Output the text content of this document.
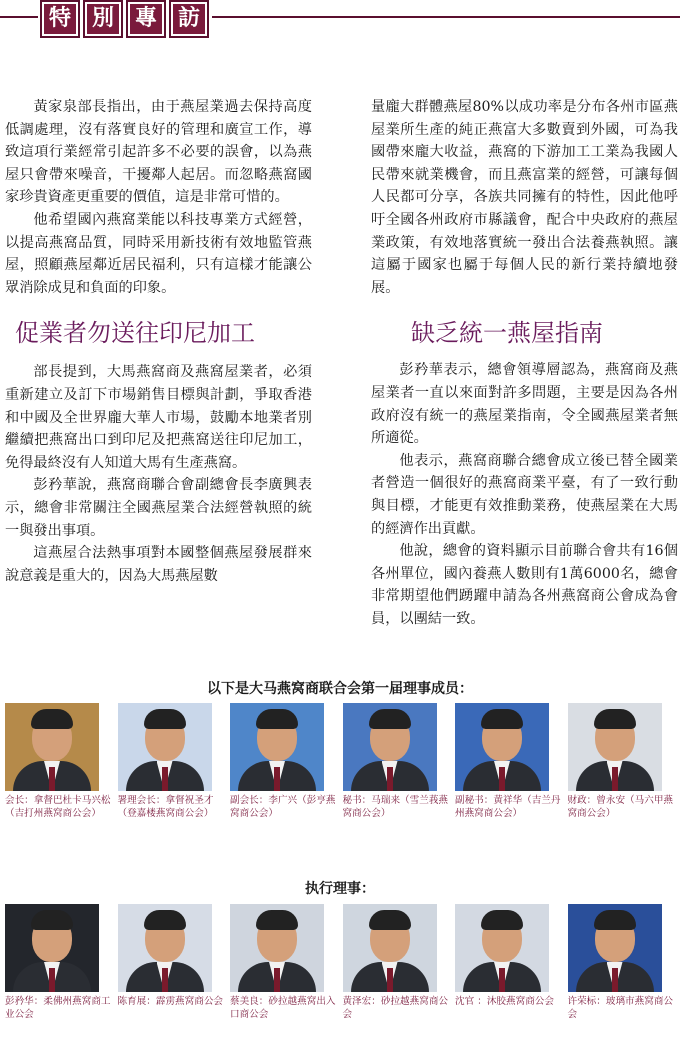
特 別 專 訪

黃家泉部長指出，由于燕屋業過去保持高度低調處理，沒有落實良好的管理和廣宣工作，導致這項行業經常引起許多不必要的誤會，以為燕屋只會帶來噪音，干擾鄰人起居。而忽略燕窩國家珍貴資產更重要的價值，這是非常可惜的。

他希望國內燕窩業能以科技專業方式經營，以提高燕窩品質，同時采用新技術有效地監管燕屋，照顧燕屋鄰近居民福利，只有這樣才能讓公眾消除成見和負面的印象。

促業者勿送往印尼加工

部長提到，大馬燕窩商及燕窩屋業者，必須重新建立及訂下市場銷售目標與計劃，爭取香港和中國及全世界龐大華人市場，鼓勵本地業者別繼續把燕窩出口到印尼及把燕窩送往印尼加工，免得最終沒有人知道大馬有生產燕窩。

彭矜華說，燕窩商聯合會副總會長李廣興表示，總會非常關注全國燕屋業合法經營執照的統一與發出事項。

這燕屋合法熱事項對本國整個燕屋發展群來說意義是重大的，因為大馬燕屋數

量龐大群體燕屋80%以成功率是分布各州市區燕屋業所生產的純正燕富大多數賣到外國，可為我國帶來龐大收益，燕窩的下游加工工業為我國人民帶來就業機會，而且燕富業的經營，可讓每個人民都可分享，各族共同擁有的特性，因此他呼吁全國各州政府市縣議會，配合中央政府的燕屋業政策，有效地落實統一發出合法養燕執照。讓這屬于國家也屬于每個人民的新行業持續地發展。

缺乏統一燕屋指南

彭矜華表示，總會領導層認為，燕窩商及燕屋業者一直以來面對許多問題，主要是因為各州政府沒有統一的燕屋業指南，令全國燕屋業者無所適從。

他表示，燕窩商聯合總會成立後已替全國業者營造一個很好的燕窩商業平臺，有了一致行動與目標，才能更有效推動業務，使燕屋業在大馬的經濟作出貢獻。

他說，總會的資料顯示目前聯合會共有16個各州單位，國內養燕人數則有1萬6000名，總會非常期望他們踴躍申請為各州燕窩商公會成為會員，以團結一致。

以下是大马燕窝商联合会第一届理事成员：
会长：拿督巴杜卡马兴松（吉打州燕窝商公会）
署理会长：拿督祝圣才（登嘉楼燕窝商公会）
副会长：李广兴（彭亨燕窝商公会）
秘书：马瑞来（雪兰莪燕窝商公会）
副秘书：黄祥华（吉兰丹州燕窝商公会）
财政：曾永安（马六甲燕窝商公会）
执行理事：
彭矜华：柔佛州燕窝商工业公会
陈育展：霹雳燕窝商公会 蔡美良：砂拉越燕窝出入口商公会
黄泽宏：砂拉越燕窝商公会
沈官 ：沐胶燕窝商公会	许荣标：玻璃市燕窝商公会
